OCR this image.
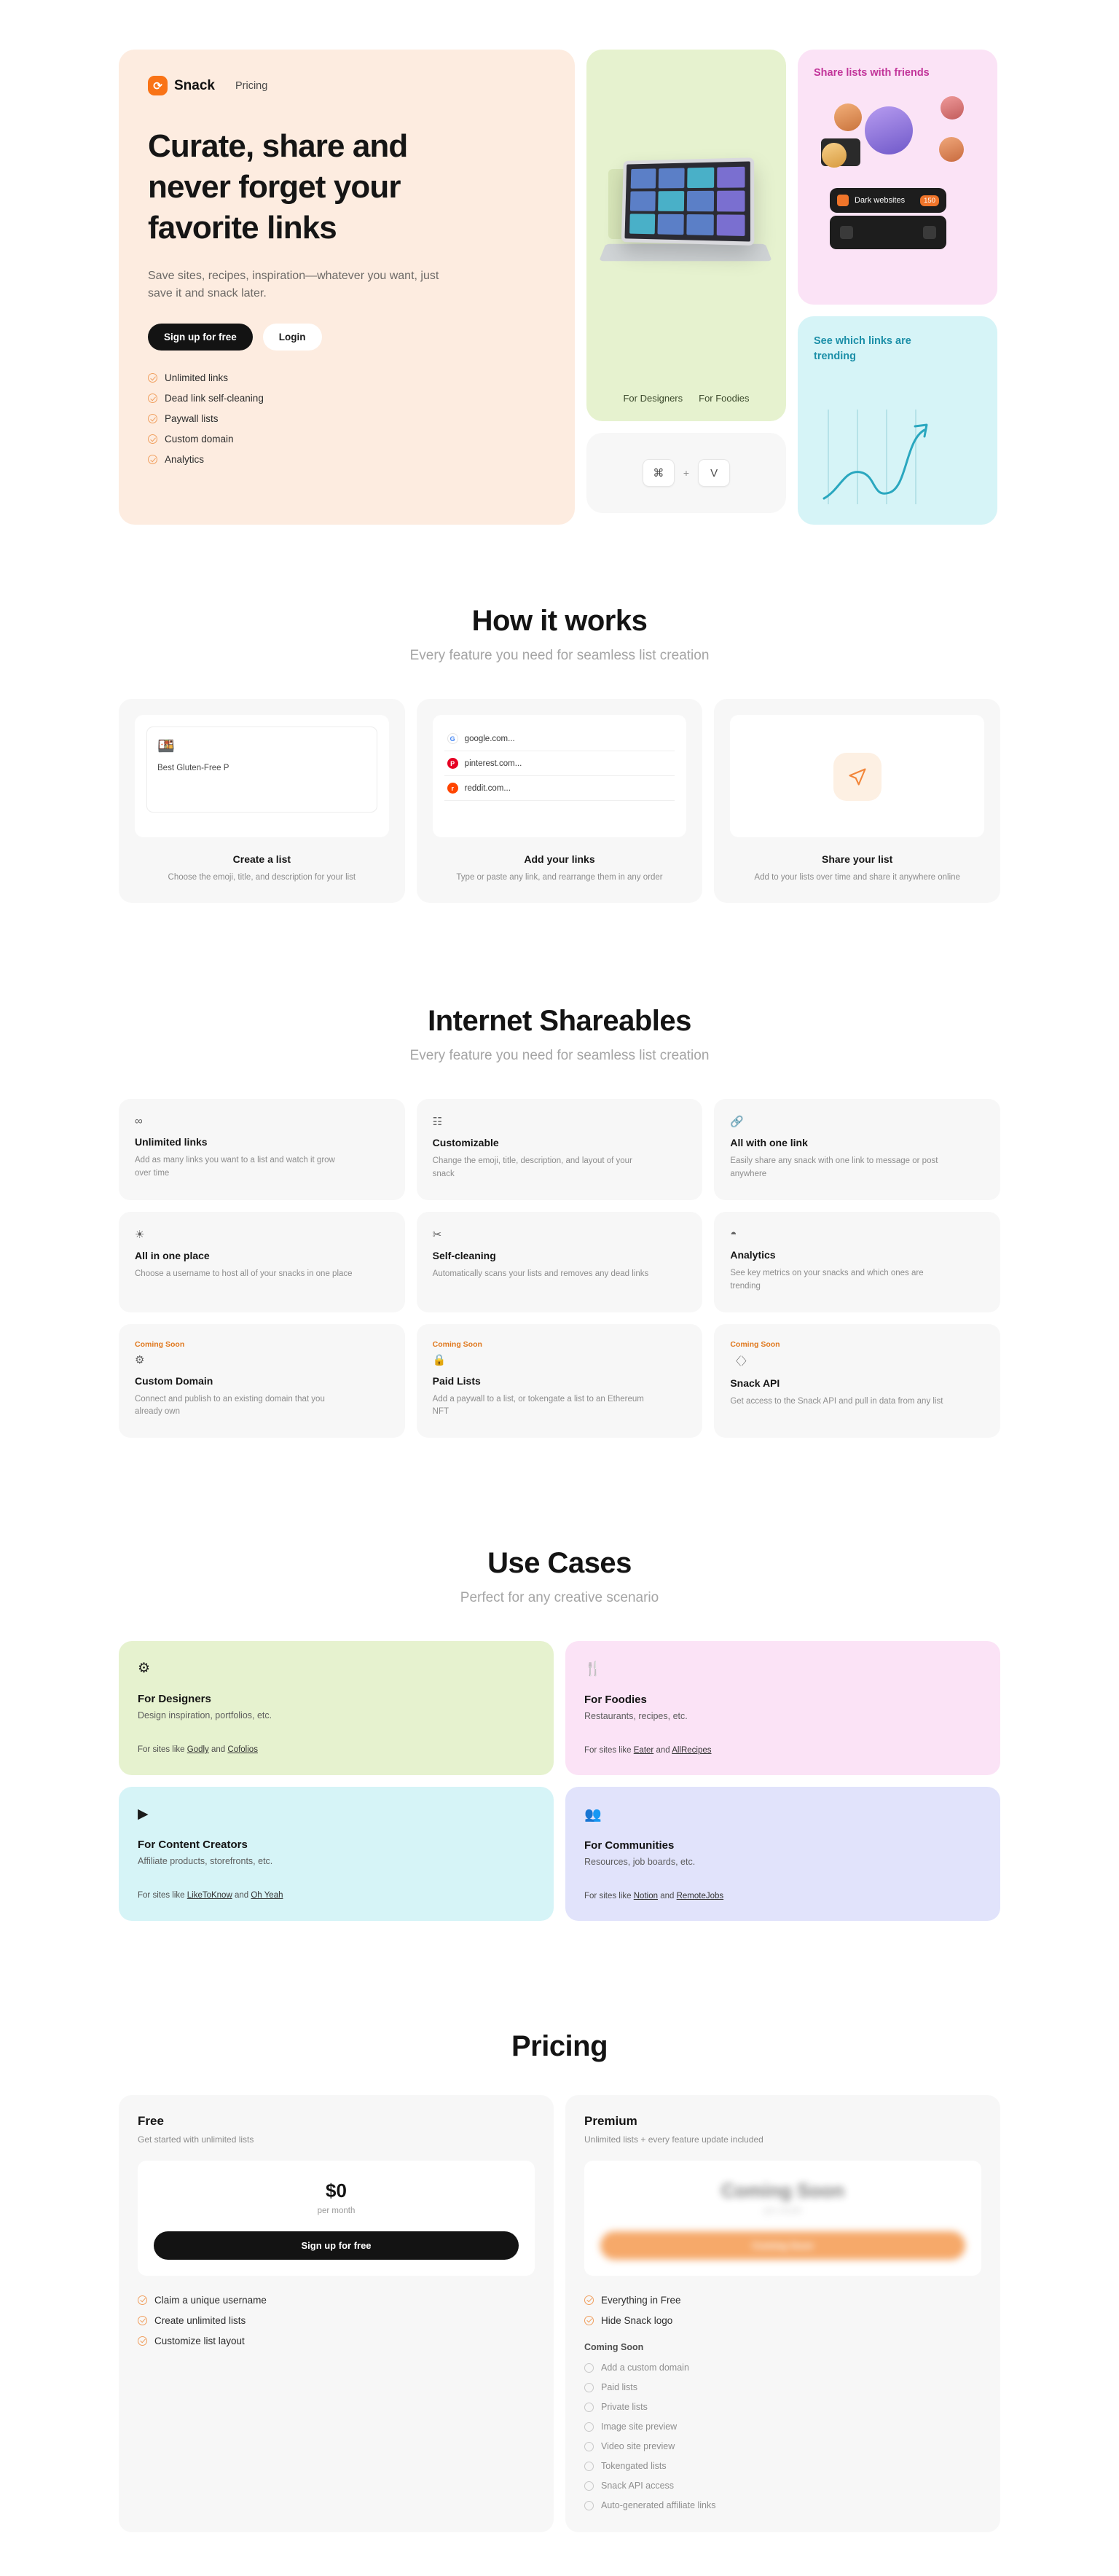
⟳ Snack Pricing
Curate, share and never forget your favorite links

Save sites, recipes, inspiration—whatever you want, just save it and snack later.

Sign up for free	Login
Unlimited links
Dead link self-cleaning
Paywall lists
Custom domain
Analytics
For Designers For Foodies
⌘	+	V
Share lists with friends
Dark websites	150
See which links are trending
How it works

Every feature you need for seamless list creation

🍱
Best Gluten-Free P
Create a list
Choose the emoji, title, and description for your list
G	google.com...
P	pinterest.com...
r	reddit.com...
Add your links
Type or paste any link, and rearrange them in any order
Share your list
Add to your lists over time and share it anywhere online
Internet Shareables

Every feature you need for seamless list creation

∞
Unlimited links
Add as many links you want to a list and watch it grow over time
☷
Customizable
Change the emoji, title, description, and layout of your snack
🔗
All with one link
Easily share any snack with one link to message or post anywhere
☀
All in one place
Choose a username to host all of your snacks in one place
✂
Self-cleaning
Automatically scans your lists and removes any dead links
◓
Analytics
See key metrics on your snacks and which ones are trending
Coming Soon
⚙
Custom Domain
Connect and publish to an existing domain that you already own
Coming Soon
🔒
Paid Lists
Add a paywall to a list, or tokengate a list to an Ethereum NFT
Coming Soon
〈〉
Snack API
Get access to the Snack API and pull in data from any list
Use Cases

Perfect for any creative scenario

⚙
For Designers
Design inspiration, portfolios, etc.
For sites like Godly and Cofolios
🍴
For Foodies
Restaurants, recipes, etc.
For sites like Eater and AllRecipes
▶
For Content Creators
Affiliate products, storefronts, etc.
For sites like LikeToKnow and Oh Yeah
👥
For Communities
Resources, job boards, etc.
For sites like Notion and RemoteJobs
Pricing
Free
Get started with unlimited lists
$0
per month
Sign up for free
Claim a unique username
Create unlimited lists
Customize list layout
Premium
Unlimited lists + every feature update included
Coming Soon
per month
Coming Soon
Everything in Free
Hide Snack logo
Coming Soon
Add a custom domain
Paid lists
Private lists
Image site preview
Video site preview
Tokengated lists
Snack API access
Auto-generated affiliate links
